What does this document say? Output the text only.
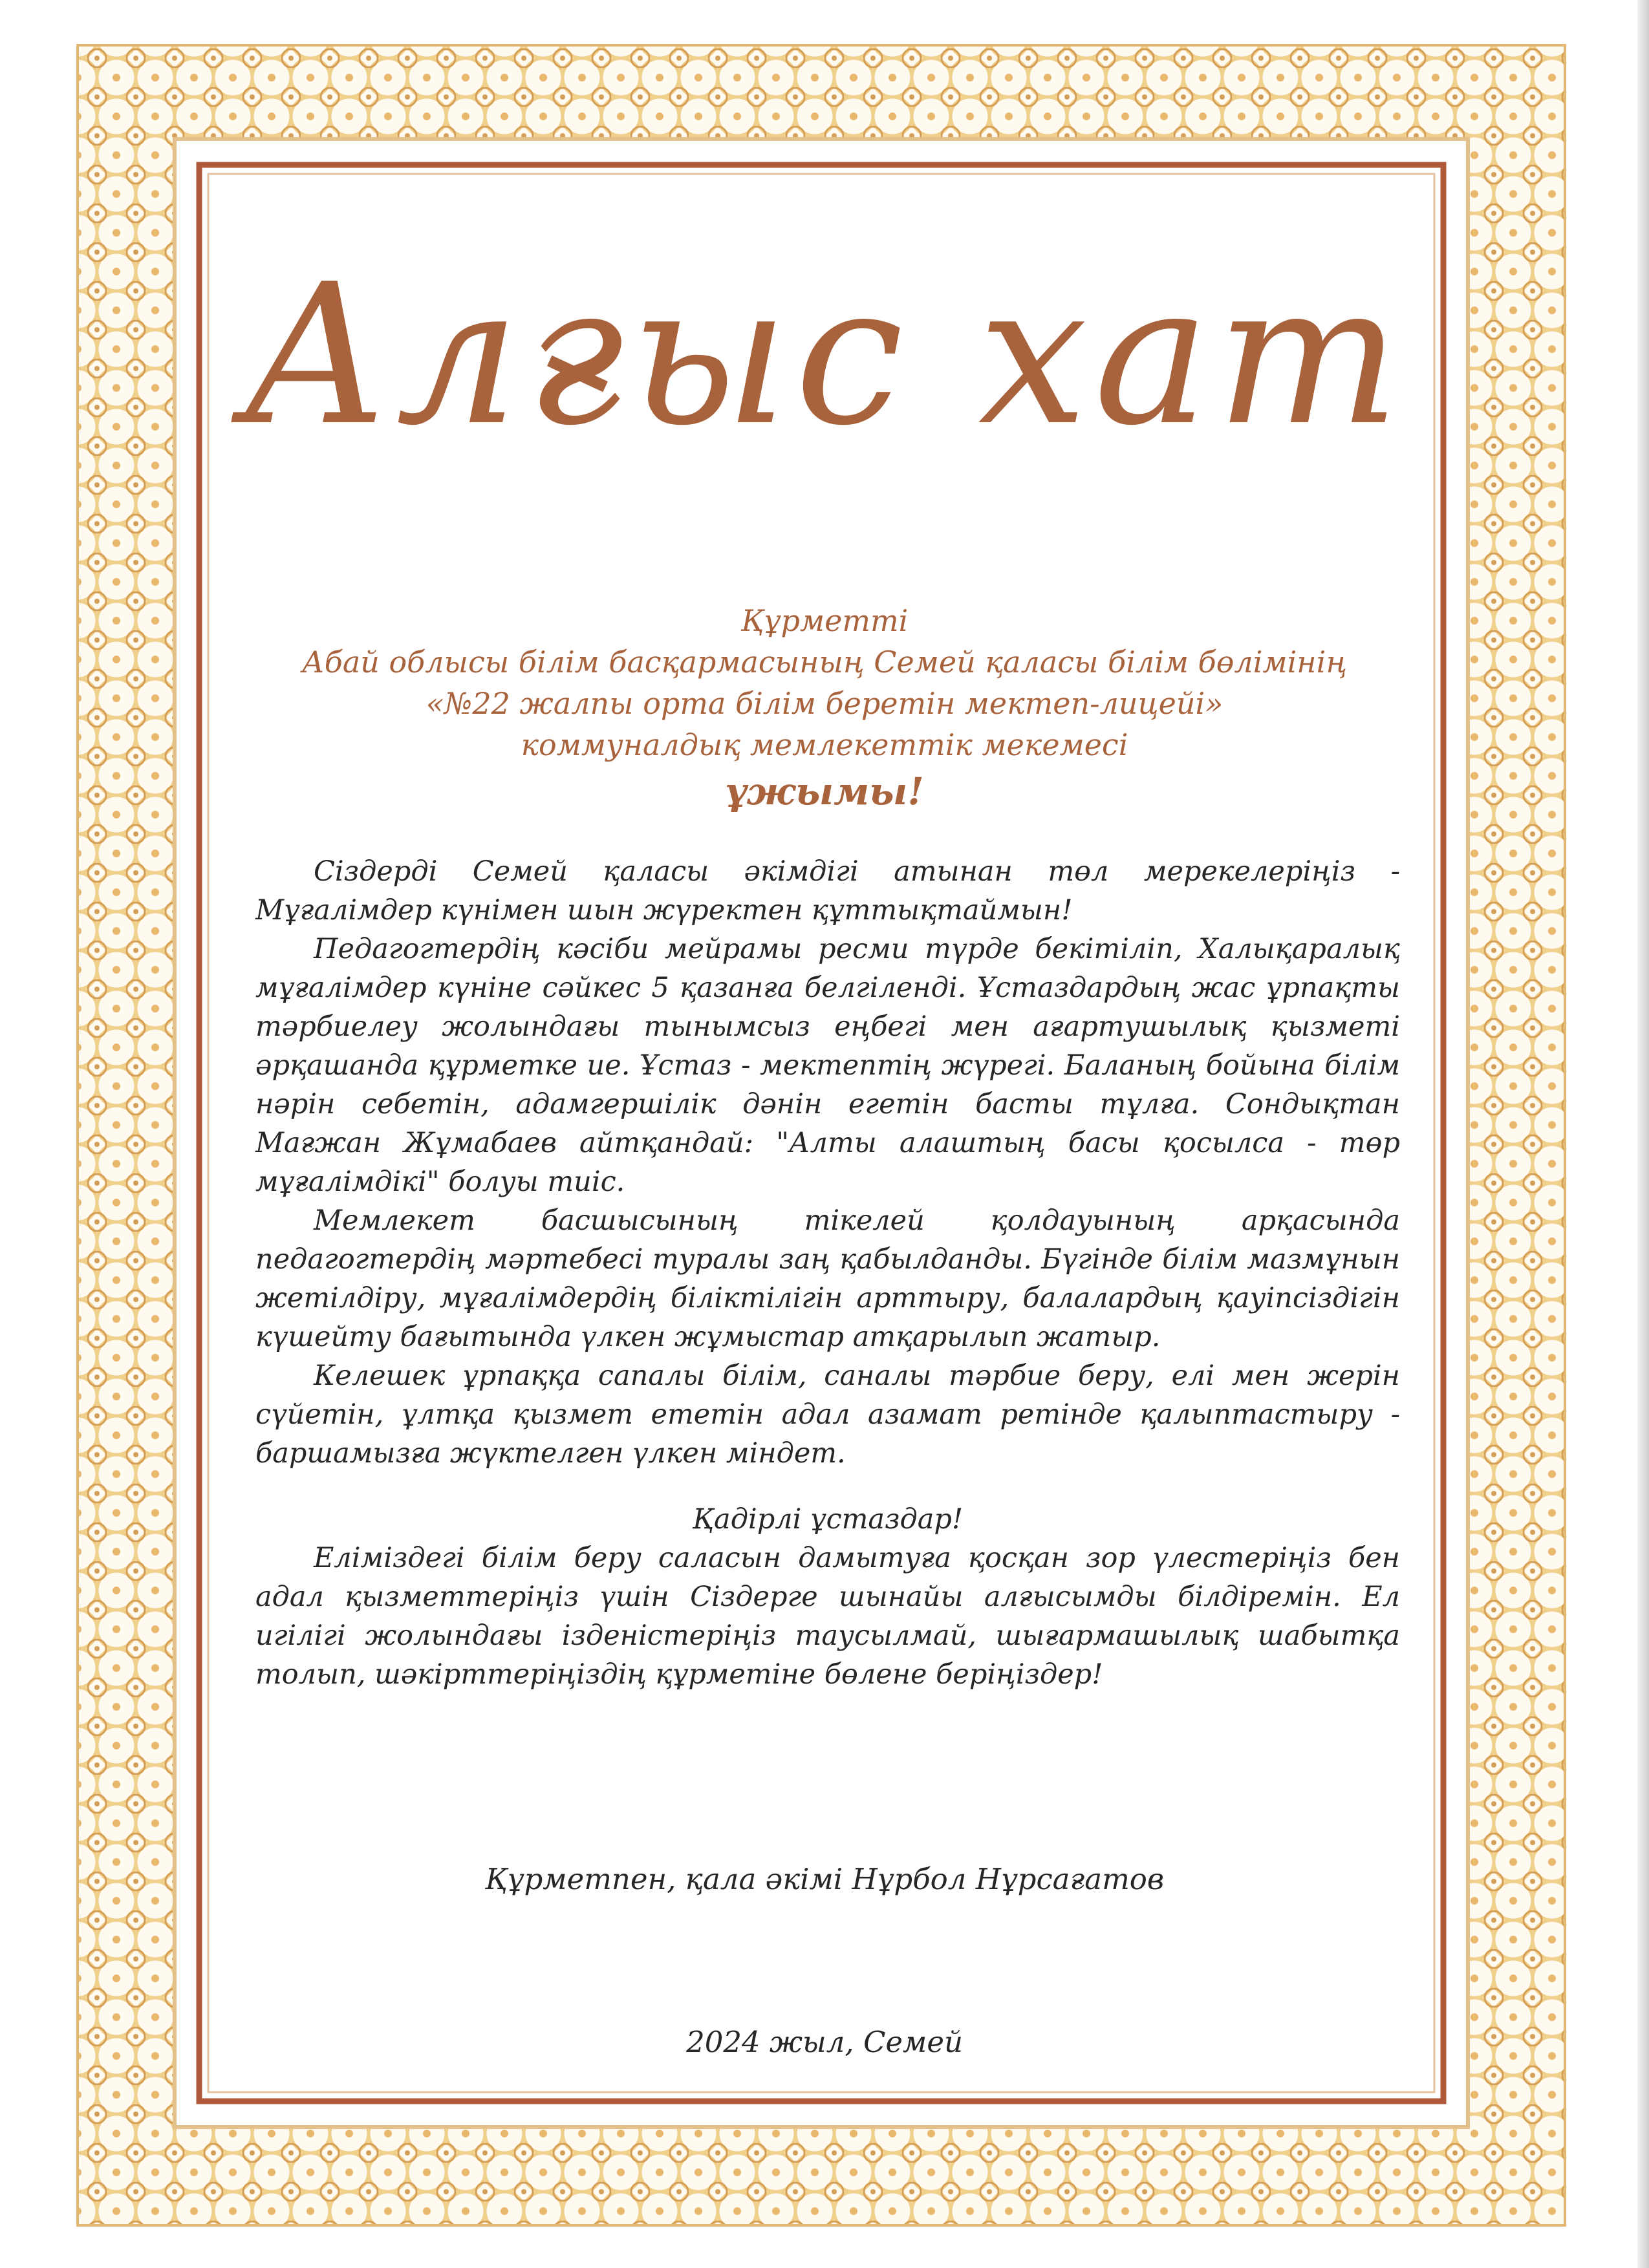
Алғыс хат
Құрметті
Абай облысы білім басқармасының Семей қаласы білім бөлімінің
«№22 жалпы орта білім беретін мектеп-лицейі»
коммуналдық мемлекеттік мекемесі
ұжымы!

Сіздерді Семей қаласы әкімдігі атынан төл мерекелеріңіз - Мұғалімдер күнімен шын жүректен құттықтаймын!

Педагогтердің кәсіби мейрамы ресми түрде бекітіліп, Халықаралық мұғалімдер күніне сәйкес 5 қазанға белгіленді. Ұстаздардың жас ұрпақты тәрбиелеу жолындағы тынымсыз еңбегі мен ағартушылық қызметі әрқашанда құрметке ие. Ұстаз - мектептің жүрегі. Баланың бойына білім нәрін себетін, адамгершілік дәнін егетін басты тұлға. Сондықтан Мағжан Жұмабаев айтқандай: "Алты алаштың басы қосылса - төр мұғалімдікі" болуы тиіс.

Мемлекет басшысының тікелей қолдауының арқасында педагогтердің мәртебесі туралы заң қабылданды. Бүгінде білім мазмұнын жетілдіру, мұғалімдердің біліктілігін арттыру, балалардың қауіпсіздігін күшейту бағытында үлкен жұмыстар атқарылып жатыр.

Келешек ұрпаққа сапалы білім, саналы тәрбие беру, елі мен жерін сүйетін, ұлтқа қызмет ететін адал азамат ретінде қалыптастыру - баршамызға жүктелген үлкен міндет.

Қадірлі ұстаздар!

Еліміздегі білім беру саласын дамытуға қосқан зор үлестеріңіз бен адал қызметтеріңіз үшін Сіздерге шынайы алғысымды білдіремін. Ел игілігі жолындағы ізденістеріңіз таусылмай, шығармашылық шабытқа толып, шәкірттеріңіздің құрметіне бөлене беріңіздер!

Құрметпен, қала әкімі Нұрбол Нұрсағатов
2024 жыл, Семей
